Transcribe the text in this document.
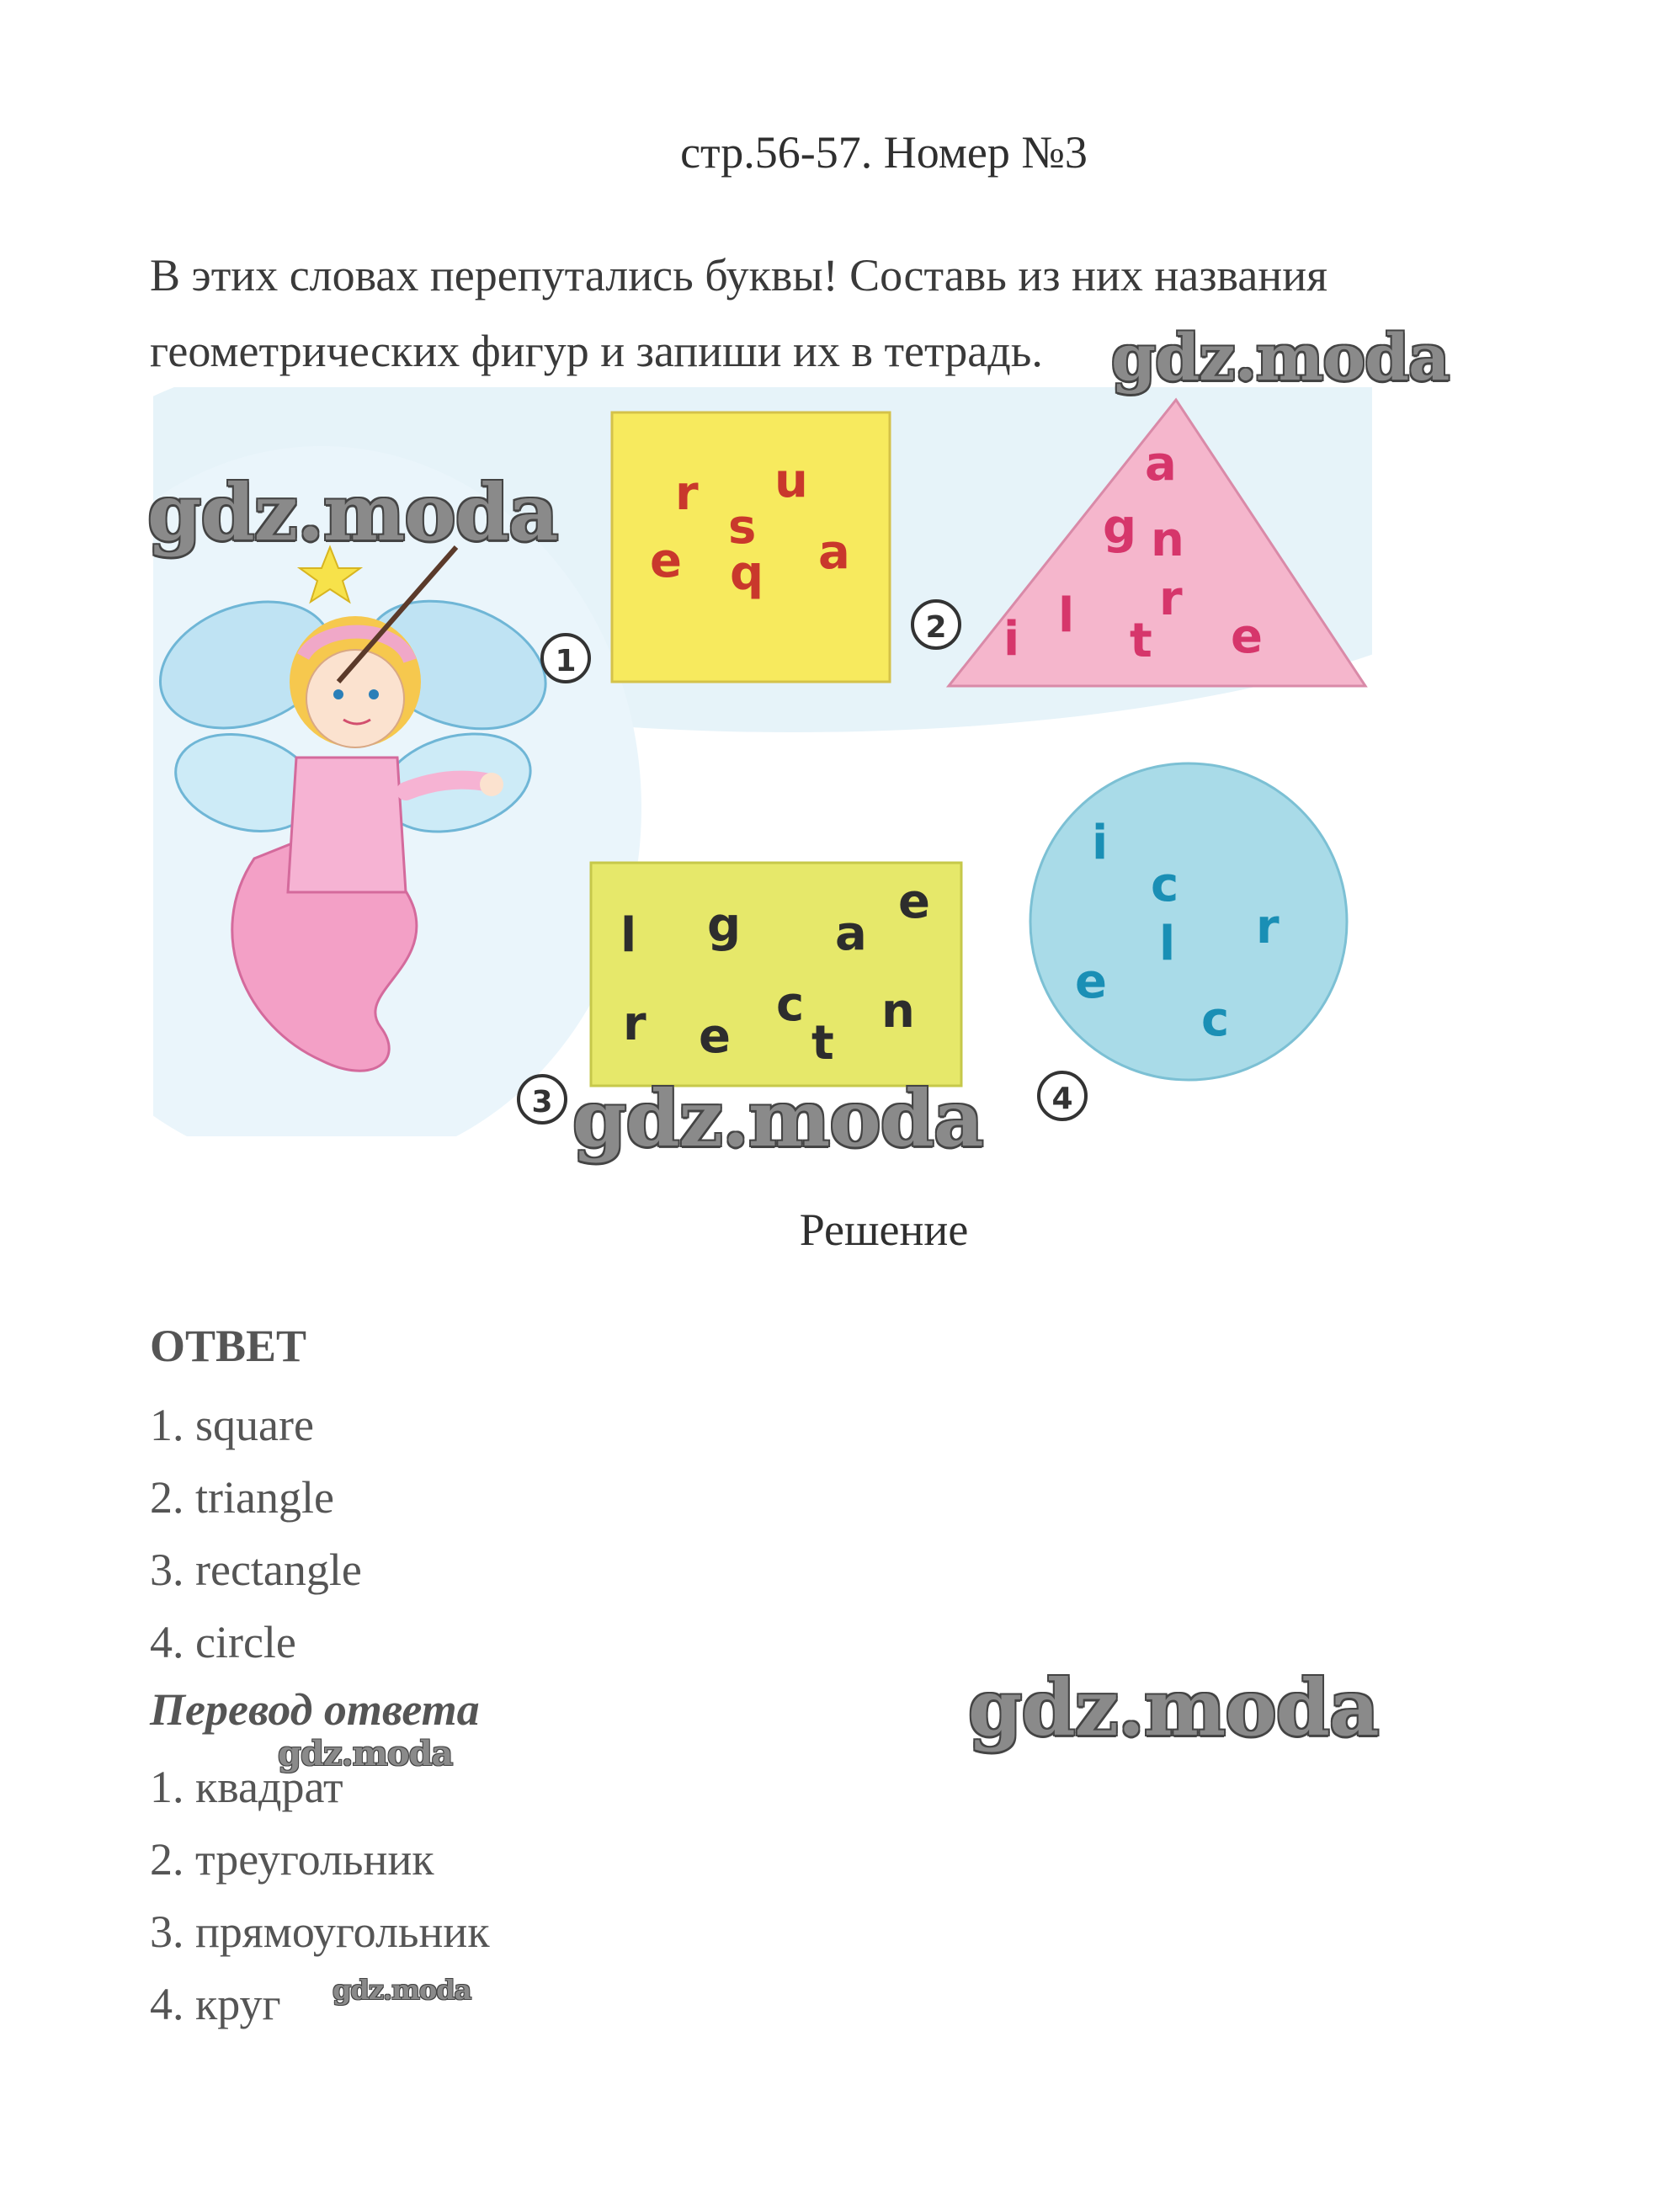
стр.56-57. Номер №3
В этих словах перепутались буквы! Составь из них названия
геометрических фигур и запиши их в тетрадь.
r u
s
e q a
1
a
g n
i l r
t e
2
l g a
e
r e
c
t
n
3
i
c
l r
e
c
4
Решение
ОТВЕТ
1. square
2. triangle
3. rectangle
4. circle
Перевод ответа
1. квадрат
2. треугольник
3. прямоугольник
4. круг
gdz.moda
gdz.moda
gdz.moda
gdz.moda
gdz.moda
gdz.moda
